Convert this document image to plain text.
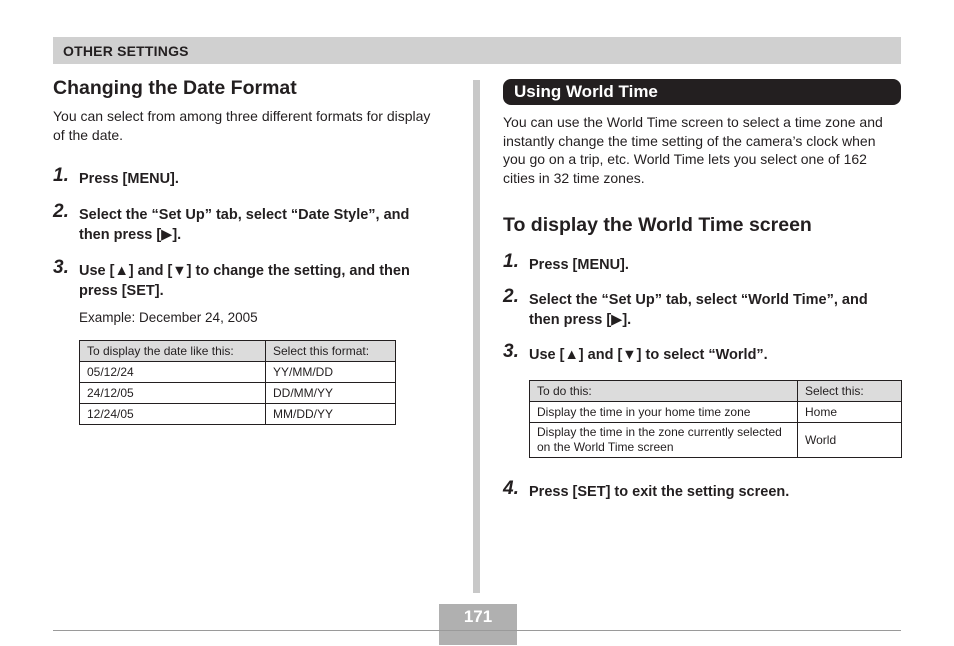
OTHER SETTINGS
Changing the Date Format

You can select from among three different formats for display of the date.

1. Press [MENU].
2. Select the “Set Up” tab, select “Date Style”, and then press [▶].
3. Use [▲] and [▼] to change the setting, and then press [SET].
Example: December 24, 2005
To display the date like this:	Select this format:
05/12/24	YY/MM/DD
24/12/05	DD/MM/YY
12/24/05	MM/DD/YY
Using World Time

You can use the World Time screen to select a time zone and instantly change the time setting of the camera’s clock when you go on a trip, etc. World Time lets you select one of 162 cities in 32 time zones.

To display the World Time screen
1. Press [MENU].
2. Select the “Set Up” tab, select “World Time”, and then press [▶].
3. Use [▲] and [▼] to select “World”.
To do this:	Select this:
Display the time in your home time zone	Home
Display the time in the zone currently selected on the World Time screen	World
4. Press [SET] to exit the setting screen.
171
